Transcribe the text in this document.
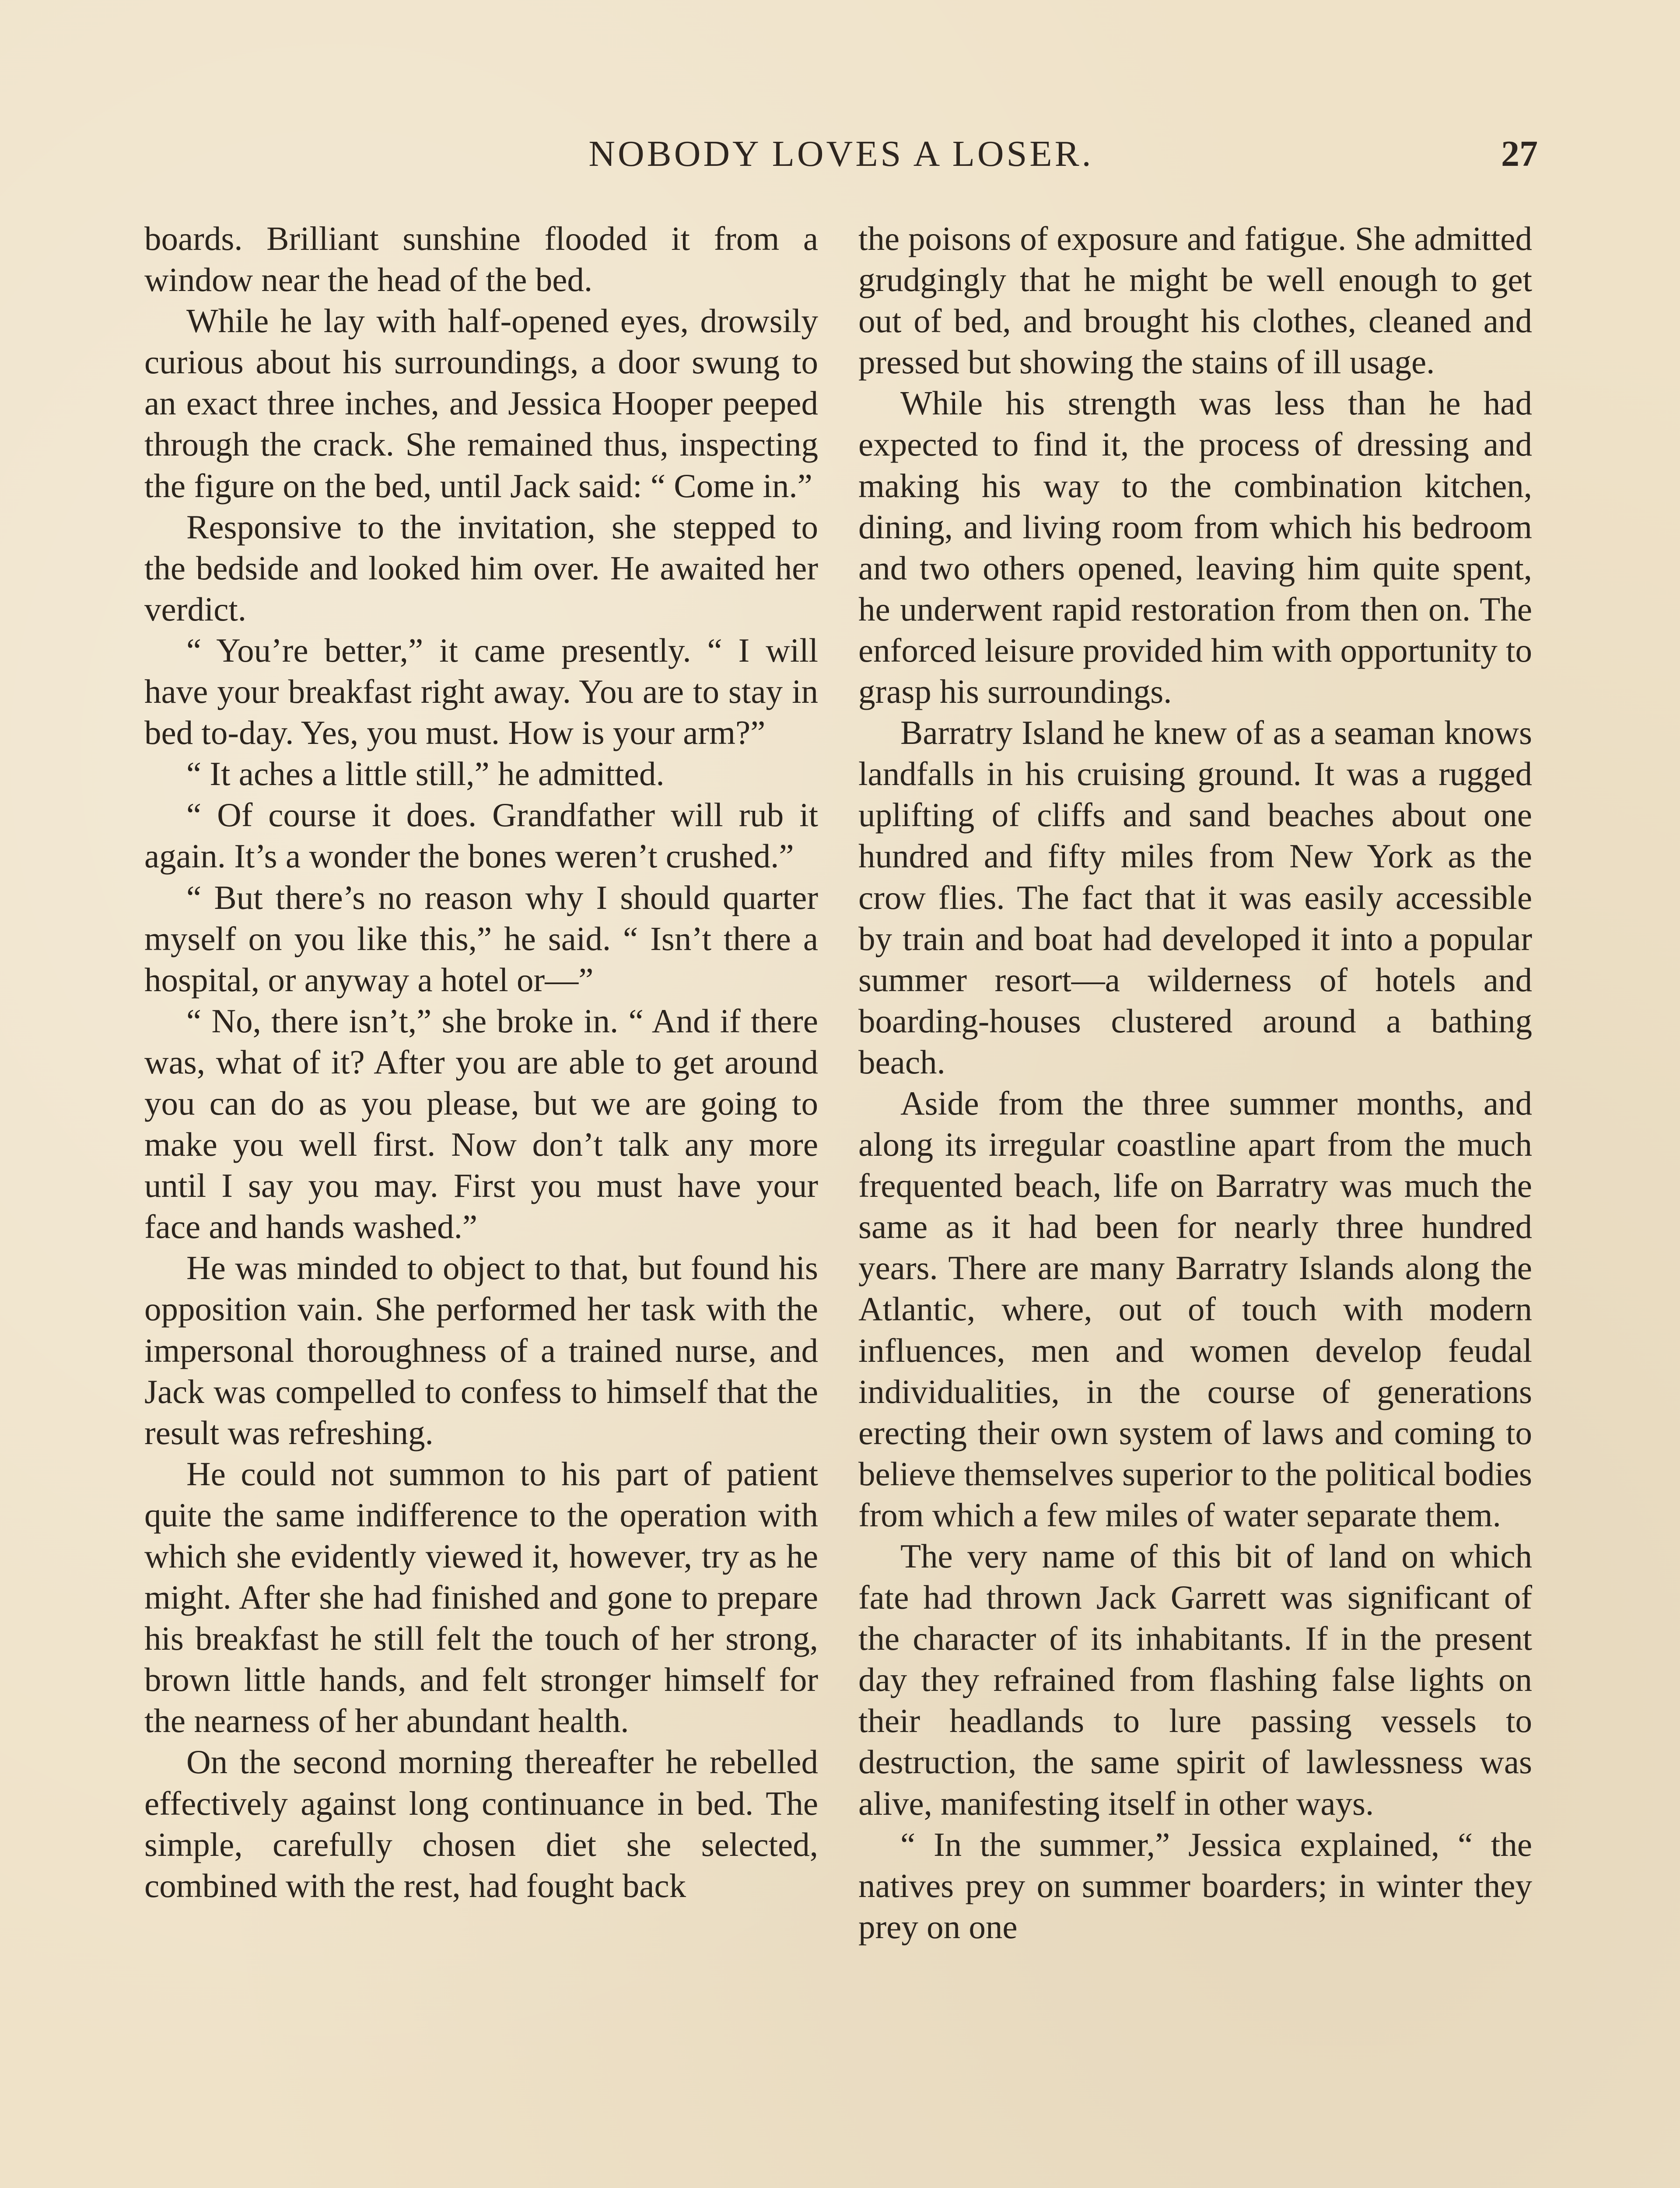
NOBODY LOVES A LOSER.	27

boards. Brilliant sunshine flooded it from a window near the head of the bed.

While he lay with half-opened eyes, drowsily curious about his surroundings, a door swung to an exact three inches, and Jessica Hooper peeped through the crack. She remained thus, inspecting the figure on the bed, until Jack said: “ Come in.”

Responsive to the invitation, she stepped to the bedside and looked him over. He awaited her verdict.

“ You’re better,” it came presently. “ I will have your breakfast right away. You are to stay in bed to-day. Yes, you must. How is your arm?”

“ It aches a little still,” he admitted.

“ Of course it does. Grandfather will rub it again. It’s a wonder the bones weren’t crushed.”

“ But there’s no reason why I should quarter myself on you like this,” he said. “ Isn’t there a hospital, or anyway a hotel or—”

“ No, there isn’t,” she broke in. “ And if there was, what of it? After you are able to get around you can do as you please, but we are going to make you well first. Now don’t talk any more until I say you may. First you must have your face and hands washed.”

He was minded to object to that, but found his opposition vain. She performed her task with the impersonal thoroughness of a trained nurse, and Jack was compelled to confess to himself that the result was refreshing.

He could not summon to his part of patient quite the same indifference to the operation with which she evidently viewed it, however, try as he might. After she had finished and gone to prepare his breakfast he still felt the touch of her strong, brown little hands, and felt stronger himself for the nearness of her abundant health.

On the second morning thereafter he rebelled effectively against long continuance in bed. The simple, carefully chosen diet she selected, combined with the rest, had fought back

the poisons of exposure and fatigue. She admitted grudgingly that he might be well enough to get out of bed, and brought his clothes, cleaned and pressed but showing the stains of ill usage.

While his strength was less than he had expected to find it, the process of dressing and making his way to the combination kitchen, dining, and living room from which his bedroom and two others opened, leaving him quite spent, he underwent rapid restoration from then on. The enforced leisure provided him with opportunity to grasp his surroundings.

Barratry Island he knew of as a seaman knows landfalls in his cruising ground. It was a rugged uplifting of cliffs and sand beaches about one hundred and fifty miles from New York as the crow flies. The fact that it was easily accessible by train and boat had developed it into a popular summer resort—a wilderness of hotels and boarding-houses clustered around a bathing beach.

Aside from the three summer months, and along its irregular coastline apart from the much frequented beach, life on Barratry was much the same as it had been for nearly three hundred years. There are many Barratry Islands along the Atlantic, where, out of touch with modern influences, men and women develop feudal individualities, in the course of generations erecting their own system of laws and coming to believe themselves superior to the political bodies from which a few miles of water separate them.

The very name of this bit of land on which fate had thrown Jack Garrett was significant of the character of its inhabitants. If in the present day they refrained from flashing false lights on their headlands to lure passing vessels to destruction, the same spirit of lawlessness was alive, manifesting itself in other ways.

“ In the summer,” Jessica explained, “ the natives prey on summer boarders; in winter they prey on one
